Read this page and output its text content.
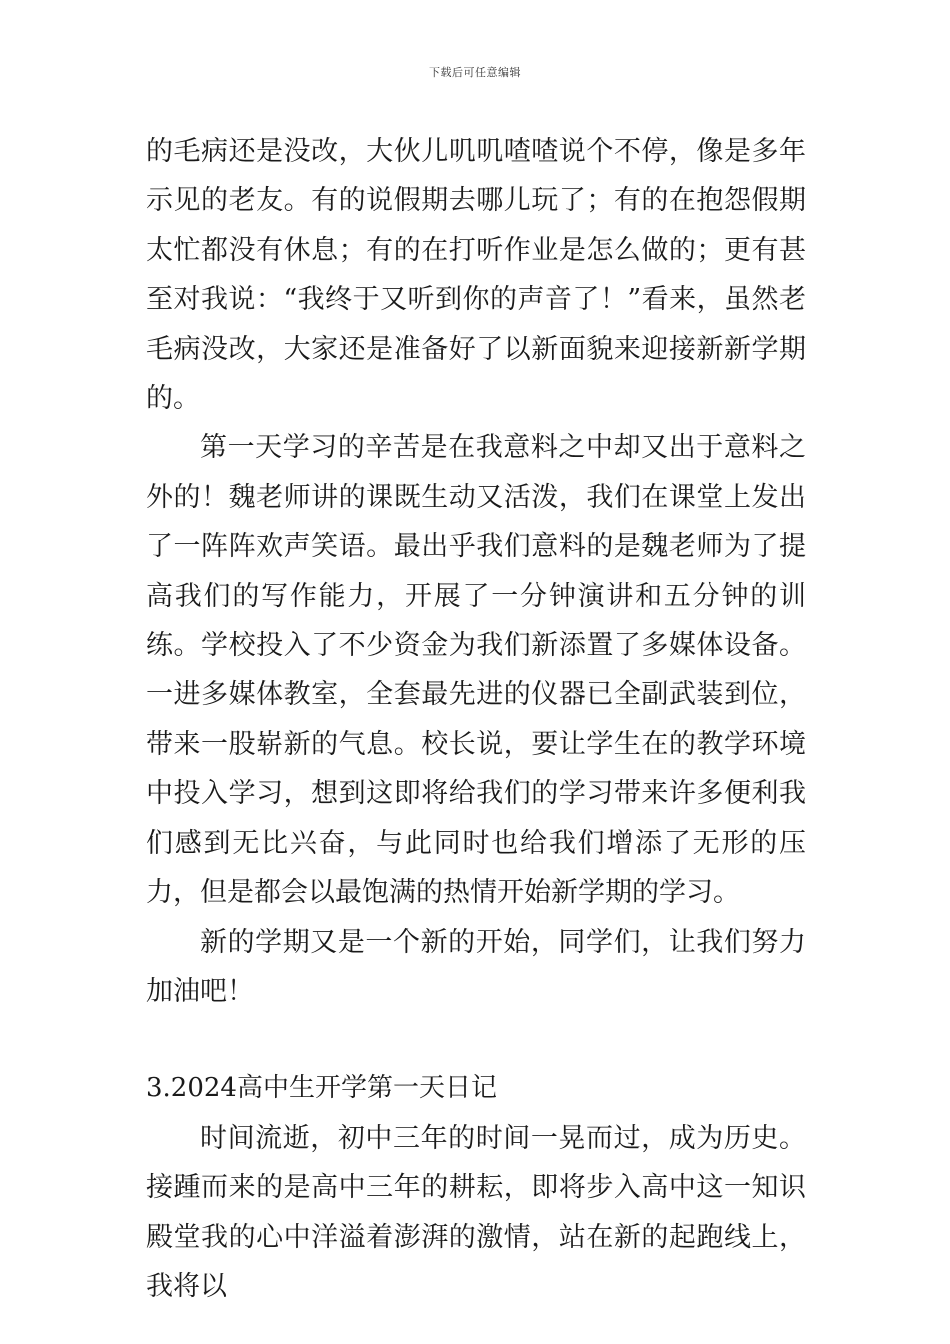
下载后可任意编辑

的毛病还是没改，大伙儿叽叽喳喳说个不停，像是多年示见的老友。有的说假期去哪儿玩了；有的在抱怨假期太忙都没有休息；有的在打听作业是怎么做的；更有甚至对我说：“我终于又听到你的声音了！”看来，虽然老 毛病没改，大家还是准备好了以新面貌来迎接新新学期的。

第一天学习的辛苦是在我意料之中却又出于意料之外的！魏老师讲的课既生动又活泼，我们在课堂上发出了一阵阵欢声笑语。最出乎我们意料的是魏老师为了提高我们的写作能力，开展了一分钟演讲和五分钟的训练。学校投入了不少资金为我们新添置了多媒体设备。一进多媒体教室，全套最先进的仪器已全副武装到位，带来一股崭新的气息。校长说，要让学生在的教学环境中投入学习，想到这即将给我们的学习带来许多便利我们感到无比兴奋，与此同时也给我们增添了无形的压力，但是都会以最饱满的热情开始新学期的学习。

新的学期又是一个新的开始，同学们，让我们努力加油吧！

3.2024高中生开学第一天日记

时间流逝，初中三年的时间一晃而过，成为历史。接踵而来的是高中三年的耕耘，即将步入高中这一知识殿堂我的心中洋溢着澎湃的激情，站在新的起跑线上，我将以
